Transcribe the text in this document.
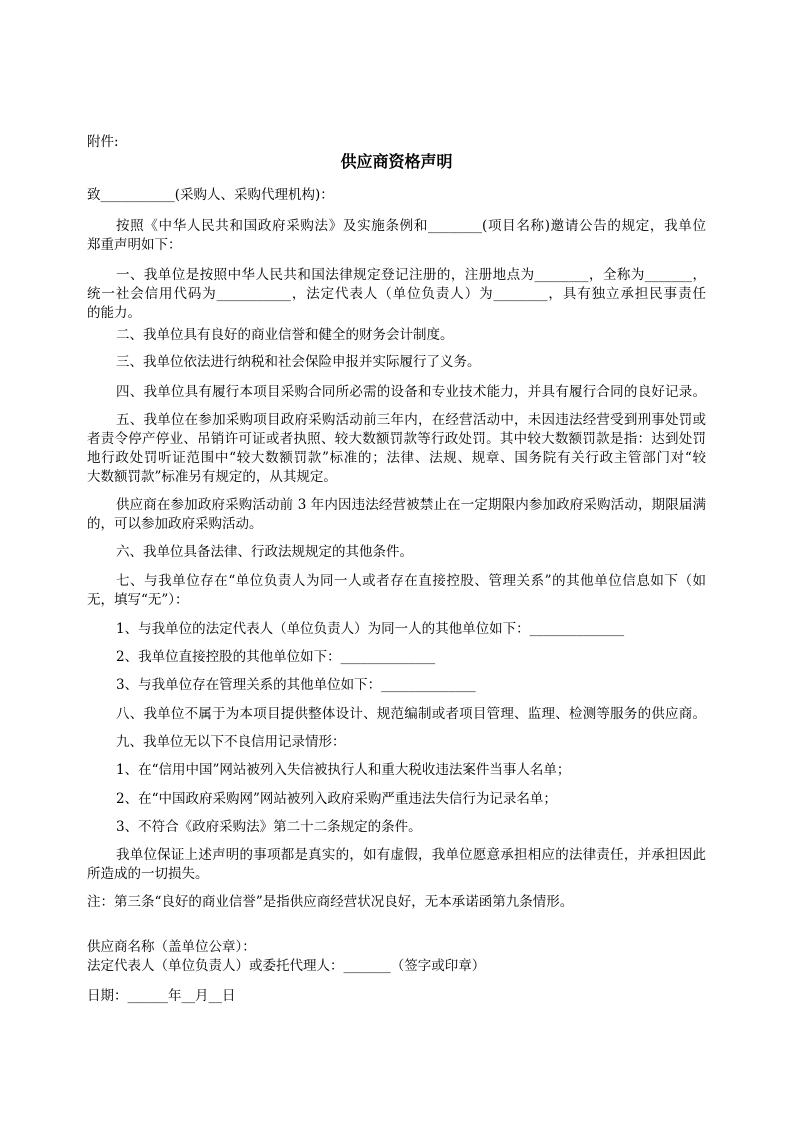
附件:
供应商资格声明
致___________(采购人、采购代理机构)：
按照《中华人民共和国政府采购法》及实施条例和________(项目名称)邀请公告的规定，我单位
郑重声明如下：
一、我单位是按照中华人民共和国法律规定登记注册的，注册地点为________，全称为_______，
统一社会信用代码为___________，法定代表人（单位负责人）为________，具有独立承担民事责任
的能力。
二、我单位具有良好的商业信誉和健全的财务会计制度。
三、我单位依法进行纳税和社会保险申报并实际履行了义务。
四、我单位具有履行本项目采购合同所必需的设备和专业技术能力，并具有履行合同的良好记录。
五、我单位在参加采购项目政府采购活动前三年内，在经营活动中，未因违法经营受到刑事处罚或
者责令停产停业、吊销许可证或者执照、较大数额罚款等行政处罚。其中较大数额罚款是指：达到处罚
地行政处罚听证范围中“较大数额罚款”标准的；法律、法规、规章、国务院有关行政主管部门对“较
大数额罚款”标准另有规定的，从其规定。
供应商在参加政府采购活动前 3 年内因违法经营被禁止在一定期限内参加政府采购活动，期限届满
的，可以参加政府采购活动。
六、我单位具备法律、行政法规规定的其他条件。
七、与我单位存在“单位负责人为同一人或者存在直接控股、管理关系”的其他单位信息如下（如
无，填写“无”）：
1、与我单位的法定代表人（单位负责人）为同一人的其他单位如下：______________
2、我单位直接控股的其他单位如下：______________
3、与我单位存在管理关系的其他单位如下：______________
八、我单位不属于为本项目提供整体设计、规范编制或者项目管理、监理、检测等服务的供应商。
九、我单位无以下不良信用记录情形：
1、在“信用中国”网站被列入失信被执行人和重大税收违法案件当事人名单；
2、在“中国政府采购网”网站被列入政府采购严重违法失信行为记录名单；
3、不符合《政府采购法》第二十二条规定的条件。
我单位保证上述声明的事项都是真实的，如有虚假，我单位愿意承担相应的法律责任，并承担因此
所造成的一切损失。
注：第三条“良好的商业信誉”是指供应商经营状况良好，无本承诺函第九条情形。
供应商名称（盖单位公章）：
法定代表人（单位负责人）或委托代理人：_______（签字或印章）
日期：______年__月__日
